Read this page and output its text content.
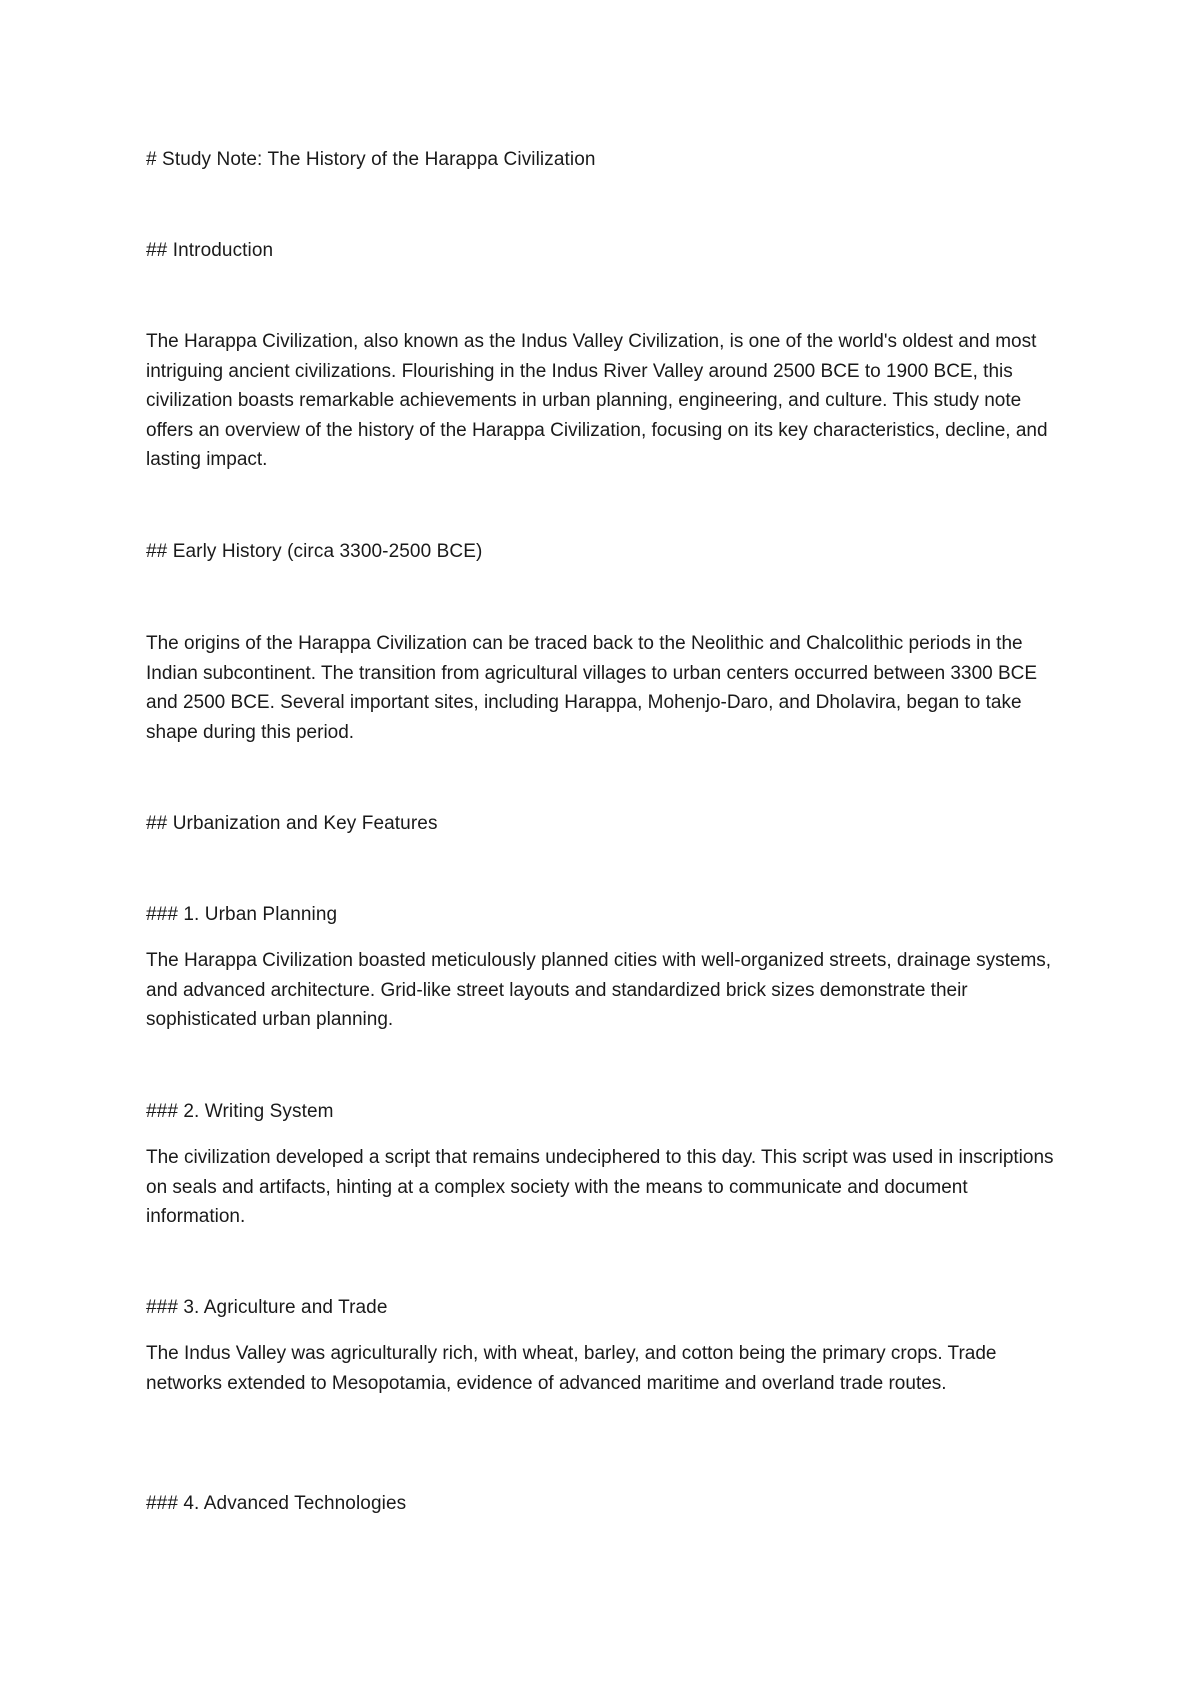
# Study Note: The History of the Harappa Civilization
## Introduction

The Harappa Civilization, also known as the Indus Valley Civilization, is one of the world's oldest and most intriguing ancient civilizations. Flourishing in the Indus River Valley around 2500 BCE to 1900 BCE, this civilization boasts remarkable achievements in urban planning, engineering, and culture. This study note offers an overview of the history of the Harappa Civilization, focusing on its key characteristics, decline, and lasting impact.

## Early History (circa 3300-2500 BCE)

The origins of the Harappa Civilization can be traced back to the Neolithic and Chalcolithic periods in the Indian subcontinent. The transition from agricultural villages to urban centers occurred between 3300 BCE and 2500 BCE. Several important sites, including Harappa, Mohenjo-Daro, and Dholavira, began to take shape during this period.

## Urbanization and Key Features
### 1. Urban Planning

The Harappa Civilization boasted meticulously planned cities with well-organized streets, drainage systems, and advanced architecture. Grid-like street layouts and standardized brick sizes demonstrate their sophisticated urban planning.

### 2. Writing System

The civilization developed a script that remains undeciphered to this day. This script was used in inscriptions on seals and artifacts, hinting at a complex society with the means to communicate and document information.

### 3. Agriculture and Trade

The Indus Valley was agriculturally rich, with wheat, barley, and cotton being the primary crops. Trade networks extended to Mesopotamia, evidence of advanced maritime and overland trade routes.

### 4. Advanced Technologies
